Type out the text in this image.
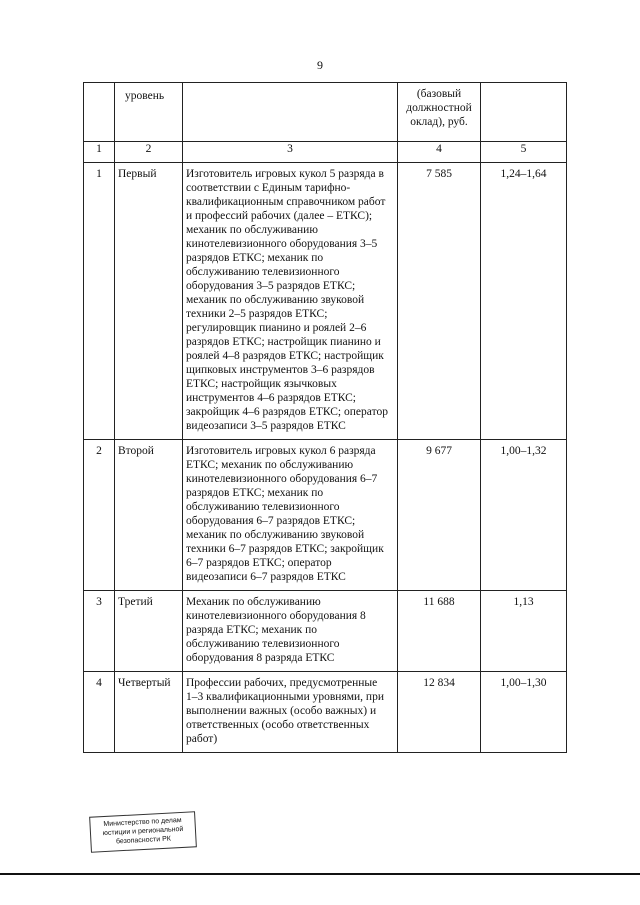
9
	уровень		(базовый должностной оклад), руб.	
1	2	3	4	5
1	Первый	Изготовитель игровых кукол 5 разряда в соответствии с Единым тарифно-квалификационным справочником работ и профессий рабочих (далее – ЕТКС); механик по обслуживанию кинотелевизионного оборудования 3–5 разрядов ЕТКС; механик по обслуживанию телевизионного оборудования 3–5 разрядов ЕТКС; механик по обслуживанию звуковой техники 2–5 разрядов ЕТКС; регулировщик пианино и роялей 2–6 разрядов ЕТКС; настройщик пианино и роялей 4–8 разрядов ЕТКС; настройщик щипковых инструментов 3–6 разрядов ЕТКС; настройщик язычковых инструментов 4–6 разрядов ЕТКС; закройщик 4–6 разрядов ЕТКС; оператор видеозаписи 3–5 разрядов ЕТКС	7 585	1,24–1,64
2	Второй	Изготовитель игровых кукол 6 разряда ЕТКС; механик по обслуживанию кинотелевизионного оборудования 6–7 разрядов ЕТКС; механик по обслуживанию телевизионного оборудования 6–7 разрядов ЕТКС; механик по обслуживанию звуковой техники 6–7 разрядов ЕТКС; закройщик 6–7 разрядов ЕТКС; оператор видеозаписи 6–7 разрядов ЕТКС	9 677	1,00–1,32
3	Третий	Механик по обслуживанию кинотелевизионного оборудования 8 разряда ЕТКС; механик по обслуживанию телевизионного оборудования 8 разряда ЕТКС	11 688	1,13
4	Четвертый	Профессии рабочих, предусмотренные 1–3 квалификационными уровнями, при выполнении важных (особо важных) и ответственных (особо ответственных работ)	12 834	1,00–1,30
Министерство по делам
юстиции и региональной
безопасности РК
